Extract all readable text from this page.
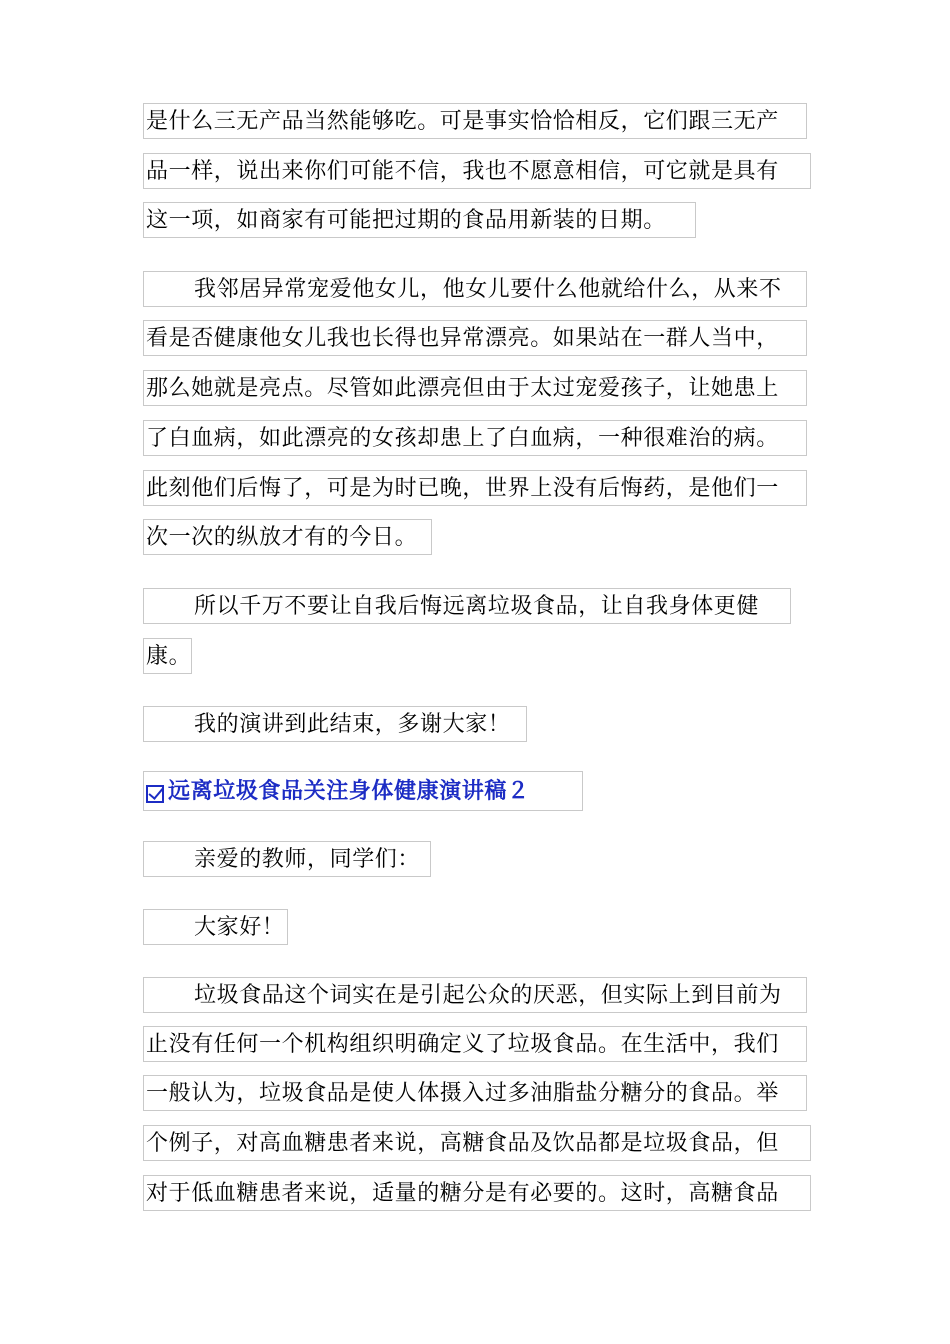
是什么三无产品当然能够吃。可是事实恰恰相反，它们跟三无产
品一样，说出来你们可能不信，我也不愿意相信，可它就是具有
这一项，如商家有可能把过期的食品用新装的日期。
我邻居异常宠爱他女儿，他女儿要什么他就给什么，从来不
看是否健康他女儿我也长得也异常漂亮。如果站在一群人当中，
那么她就是亮点。尽管如此漂亮但由于太过宠爱孩子，让她患上
了白血病，如此漂亮的女孩却患上了白血病，一种很难治的病。
此刻他们后悔了，可是为时已晚，世界上没有后悔药，是他们一
次一次的纵放才有的今日。
所以千万不要让自我后悔远离垃圾食品，让自我身体更健
康。
我的演讲到此结束，多谢大家！
远离垃圾食品关注身体健康演讲稿２
亲爱的教师，同学们：
大家好！
垃圾食品这个词实在是引起公众的厌恶，但实际上到目前为
止没有任何一个机构组织明确定义了垃圾食品。在生活中，我们
一般认为，垃圾食品是使人体摄入过多油脂盐分糖分的食品。举
个例子，对高血糖患者来说，高糖食品及饮品都是垃圾食品，但
对于低血糖患者来说，适量的糖分是有必要的。这时，高糖食品
